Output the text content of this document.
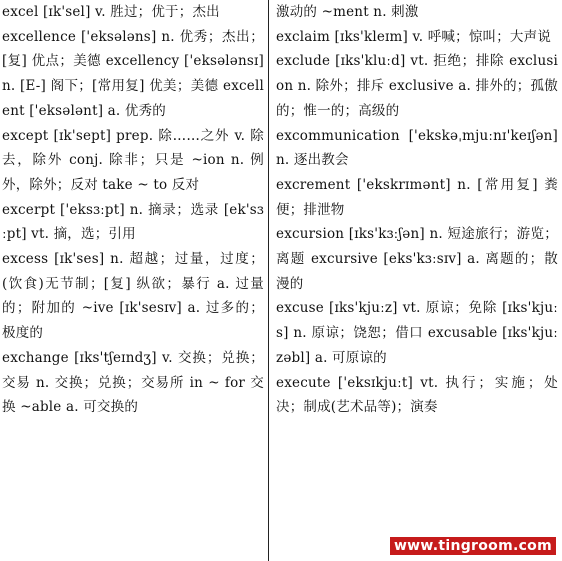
excel [ɪk'sel] v. 胜过；优于；杰出

excellence ['eksələns] n. 优秀；杰出；[复] 优点；美德 excellency ['eksələnsɪ] n. [E-] 阁下；[常用复] 优美；美德 excellent ['eksələnt] a. 优秀的

except [ɪk'sept] prep. 除……之外 v. 除去，除外 conj. 除非；只是 ~ion n. 例外，除外；反对 take ~ to 反对

excerpt ['eksɜːpt] n. 摘录；选录 [ek'sɜːpt] vt. 摘，选；引用

excess [ɪk'ses] n. 超越；过量，过度；(饮食)无节制；[复] 纵欲；暴行 a. 过量的；附加的 ~ive [ɪk'sesɪv] a. 过多的；极度的

exchange [ɪks'tʃeɪndʒ] v. 交换；兑换；交易 n. 交换；兑换；交易所 in ~ for 交换 ~able a. 可交换的

激动的 ~ment n. 刺激

exclaim [ɪks'kleɪm] v. 呼喊；惊叫；大声说

exclude [ɪks'kluːd] vt. 拒绝；排除 exclusion n. 除外；排斥 exclusive a. 排外的；孤傲的；惟一的；高级的

excommunication ['ekskəˌmjuːnɪ'keɪʃən] n. 逐出教会

excrement ['ekskrɪmənt] n. [常用复] 粪便；排泄物

excursion [ɪks'kɜːʃən] n. 短途旅行；游览；离题 excursive [eks'kɜːsɪv] a. 离题的；散漫的

excuse [ɪks'kjuːz] vt. 原谅；免除 [ɪks'kjuːs] n. 原谅；饶恕；借口 excusable [ɪks'kjuːzəbl] a. 可原谅的

execute ['eksɪkjuːt] vt. 执行；实施；处决；制成(艺术品等)；演奏

www.tingroom.com
